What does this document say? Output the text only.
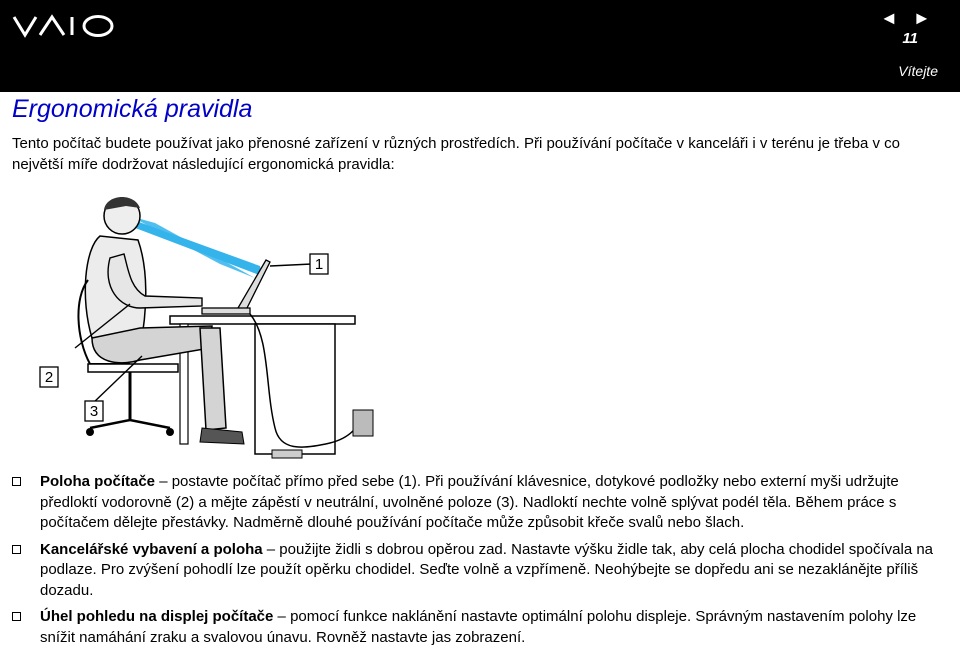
◄ ►
11
Vítejte
Ergonomická pravidla

Tento počítač budete používat jako přenosné zařízení v různých prostředích. Při používání počítače v kanceláři i v terénu je třeba v co největší míře dodržovat následující ergonomická pravidla:

1
2
3
Poloha počítače – postavte počítač přímo před sebe (1). Při používání klávesnice, dotykové podložky nebo externí myši udržujte předloktí vodorovně (2) a mějte zápěstí v neutrální, uvolněné poloze (3). Nadloktí nechte volně splývat podél těla. Během práce s počítačem dělejte přestávky. Nadměrně dlouhé používání počítače může způsobit křeče svalů nebo šlach.
Kancelářské vybavení a poloha – použijte židli s dobrou opěrou zad. Nastavte výšku židle tak, aby celá plocha chodidel spočívala na podlaze. Pro zvýšení pohodlí lze použít opěrku chodidel. Seďte volně a vzpřímeně. Neohýbejte se dopředu ani se nezaklánějte příliš dozadu.
Úhel pohledu na displej počítače – pomocí funkce naklánění nastavte optimální polohu displeje. Správným nastavením polohy lze snížit namáhání zraku a svalovou únavu. Rovněž nastavte jas zobrazení.
